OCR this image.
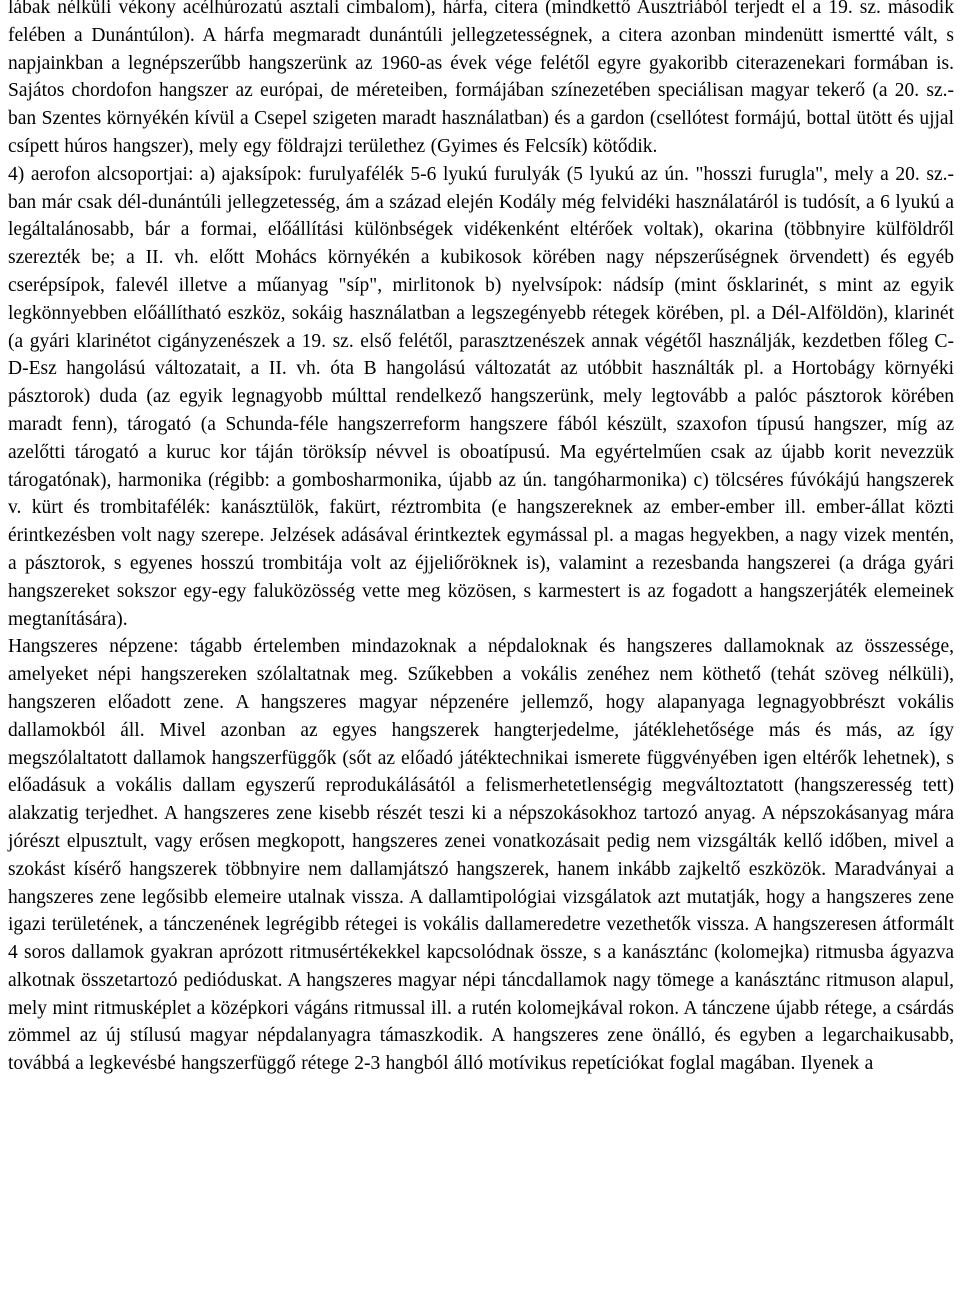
lábak nélküli vékony acélhúrozatú asztali cimbalom), hárfa, citera (mindkettő Ausztriából terjedt el a 19. sz. második felében a Dunántúlon). A hárfa megmaradt dunántúli jellegzetességnek, a citera azonban mindenütt ismertté vált, s napjainkban a legnépszerűbb hangszerünk az 1960-as évek vége felétől egyre gyakoribb citerazenekari formában is. Sajátos chordofon hangszer az európai, de méreteiben, formájában színezetében speciálisan magyar tekerő (a 20. sz.-ban Szentes környékén kívül a Csepel szigeten maradt használatban) és a gardon (csellótest formájú, bottal ütött és ujjal csípett húros hangszer), mely egy földrajzi területhez (Gyimes és Felcsík) kötődik.

4) aerofon alcsoportjai: a) ajaksípok: furulyafélék 5-6 lyukú furulyák (5 lyukú az ún. "hosszi furugla", mely a 20. sz.-ban már csak dél-dunántúli jellegzetesség, ám a század elején Kodály még felvidéki használatáról is tudósít, a 6 lyukú a legáltalánosabb, bár a formai, előállítási különbségek vidékenként eltérőek voltak), okarina (többnyire külföldről szerezték be; a II. vh. előtt Mohács környékén a kubikosok körében nagy népszerűségnek örvendett) és egyéb cserépsípok, falevél illetve a műanyag "síp", mirlitonok b) nyelvsípok: nádsíp (mint ősklarinét, s mint az egyik legkönnyebben előállítható eszköz, sokáig használatban a legszegényebb rétegek körében, pl. a Dél-Alföldön), klarinét (a gyári klarinétot cigányzenészek a 19. sz. első felétől, parasztzenészek annak végétől használják, kezdetben főleg C-D-Esz hangolású változatait, a II. vh. óta B hangolású változatát az utóbbit használták pl. a Hortobágy környéki pásztorok) duda (az egyik legnagyobb múlttal rendelkező hangszerünk, mely legtovább a palóc pásztorok körében maradt fenn), tárogató (a Schunda-féle hangszerreform hangszere fából készült, szaxofon típusú hangszer, míg az azelőtti tárogató a kuruc kor táján töröksíp névvel is oboatípusú. Ma egyértelműen csak az újabb korit nevezzük tárogatónak), harmonika (régibb: a gombosharmonika, újabb az ún. tangóharmonika) c) tölcséres fúvókájú hangszerek v. kürt és trombitafélék: kanásztülök, fakürt, réztrombita (e hangszereknek az ember-ember ill. ember-állat közti érintkezésben volt nagy szerepe. Jelzések adásával érintkeztek egymással pl. a magas hegyekben, a nagy vizek mentén, a pásztorok, s egyenes hosszú trombitája volt az éjjeliőröknek is), valamint a rezesbanda hangszerei (a drága gyári hangszereket sokszor egy-egy faluközösség vette meg közösen, s karmestert is az fogadott a hangszerjáték elemeinek megtanítására).

Hangszeres népzene: tágabb értelemben mindazoknak a népdaloknak és hangszeres dallamoknak az összessége, amelyeket népi hangszereken szólaltatnak meg. Szűkebben a vokális zenéhez nem köthető (tehát szöveg nélküli), hangszeren előadott zene. A hangszeres magyar népzenére jellemző, hogy alapanyaga legnagyobbrészt vokális dallamokból áll. Mivel azonban az egyes hangszerek hangterjedelme, játéklehetősége más és más, az így megszólaltatott dallamok hangszerfüggők (sőt az előadó játéktechnikai ismerete függvényében igen eltérők lehetnek), s előadásuk a vokális dallam egyszerű reprodukálásától a felismerhetetlenségig megváltoztatott (hangszeresség tett) alakzatig terjedhet. A hangszeres zene kisebb részét teszi ki a népszokásokhoz tartozó anyag. A népszokásanyag mára jórészt elpusztult, vagy erősen megkopott, hangszeres zenei vonatkozásait pedig nem vizsgálták kellő időben, mivel a szokást kísérő hangszerek többnyire nem dallamjátszó hangszerek, hanem inkább zajkeltő eszközök. Maradványai a hangszeres zene legősibb elemeire utalnak vissza. A dallamtipológiai vizsgálatok azt mutatják, hogy a hangszeres zene igazi területének, a tánczenének legrégibb rétegei is vokális dallameredetre vezethetők vissza. A hangszeresen átformált 4 soros dallamok gyakran aprózott ritmusértékekkel kapcsolódnak össze, s a kanásztánc (kolomejka) ritmusba ágyazva alkotnak összetartozó pedióduskat. A hangszeres magyar népi táncdallamok nagy tömege a kanásztánc ritmuson alapul, mely mint ritmusképlet a középkori vágáns ritmussal ill. a rutén kolomejkával rokon. A tánczene újabb rétege, a csárdás zömmel az új stílusú magyar népdalanyagra támaszkodik. A hangszeres zene önálló, és egyben a legarchaikusabb, továbbá a legkevésbé hangszerfüggő rétege 2-3 hangból álló motívikus repetíciókat foglal magában. Ilyenek a
